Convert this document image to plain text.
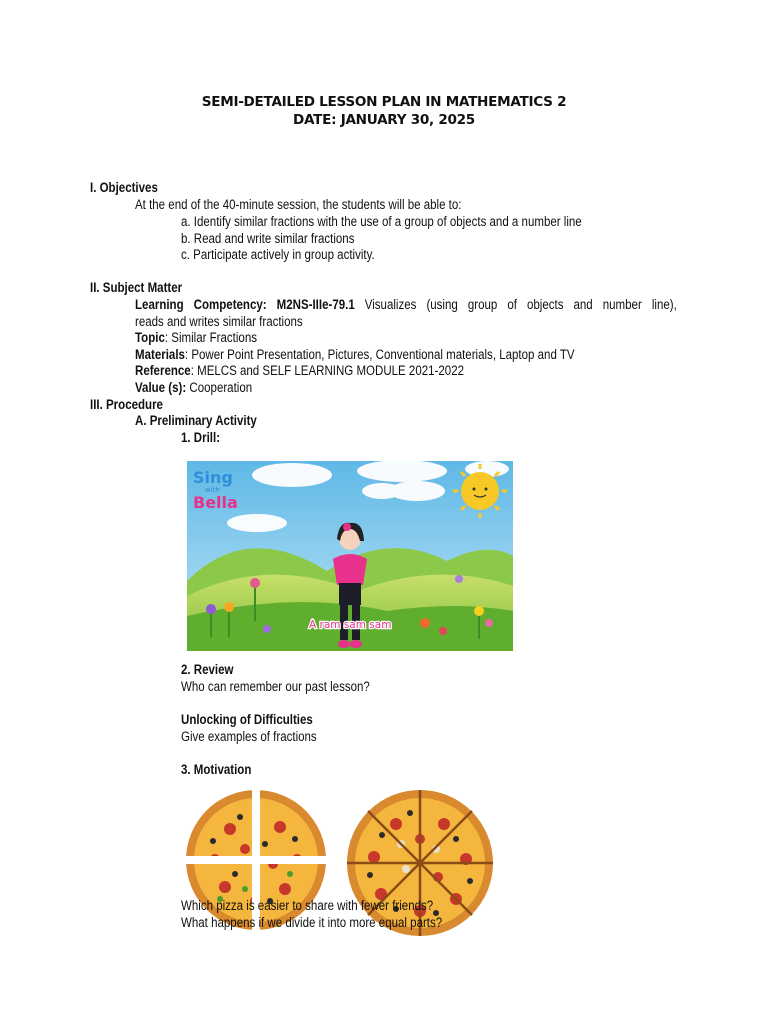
SEMI-DETAILED LESSON PLAN IN MATHEMATICS 2
DATE: JANUARY 30, 2025
I. Objectives
At the end of the 40-minute session, the students will be able to:
a. Identify similar fractions with the use of a group of objects and a number line
b. Read and write similar fractions
c. Participate actively in group activity.
II. Subject Matter
Learning Competency: M2NS-IIIe-79.1 Visualizes (using group of objects and number line),
reads and writes similar fractions
Topic: Similar Fractions
Materials: Power Point Presentation, Pictures, Conventional materials, Laptop and TV
Reference: MELCS and SELF LEARNING MODULE 2021-2022
Value (s): Cooperation
III. Procedure
A. Preliminary Activity
1. Drill:
Sing
with
Bella
A ram sam sam
2. Review
Who can remember our past lesson?
Unlocking of Difficulties
Give examples of fractions
3. Motivation
Which pizza is easier to share with fewer friends?
What happens if we divide it into more equal parts?
